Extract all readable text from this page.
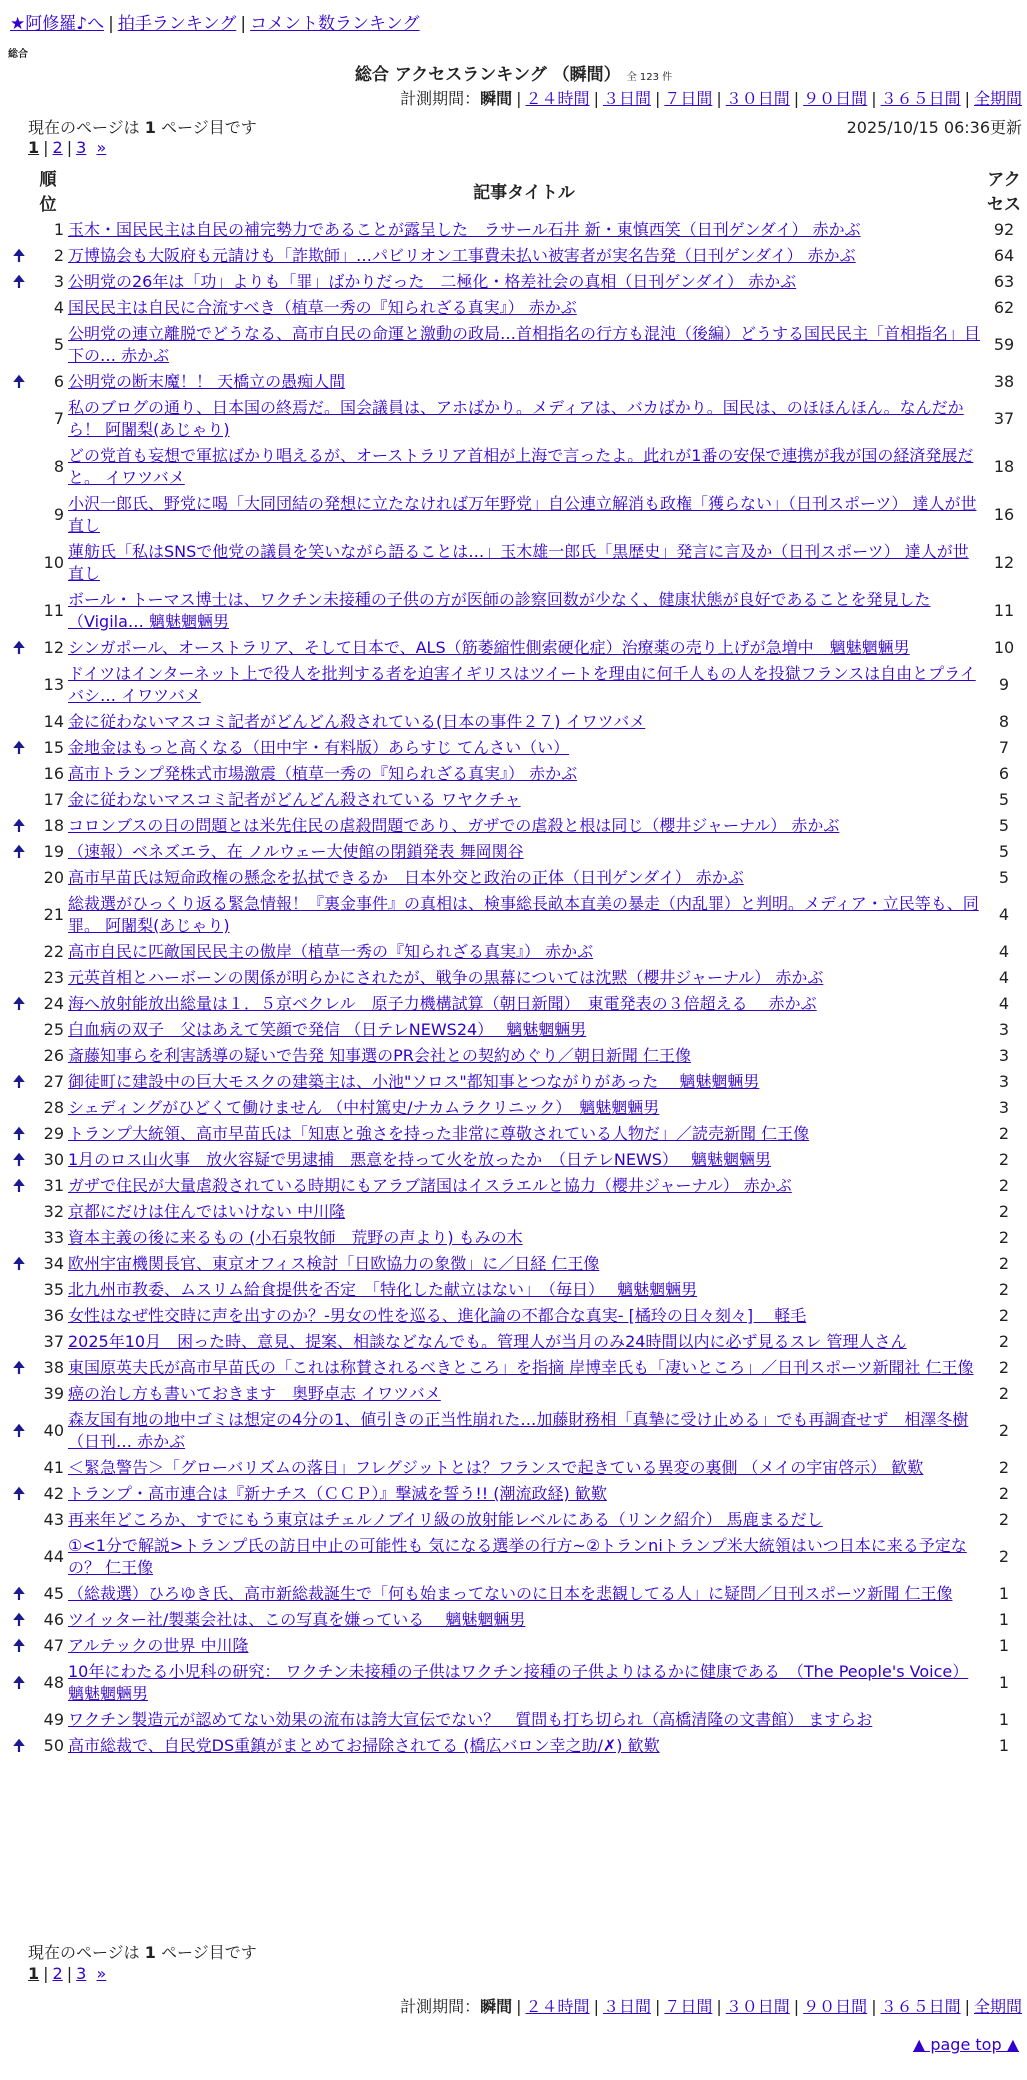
★阿修羅♪へ | 拍手ランキング | コメント数ランキング
総合
総合 アクセスランキング （瞬間） 全 123 件
計測期間：瞬間 | ２４時間 | ３日間 | ７日間 | ３０日間 | ９０日間 | ３６５日間 | 全期間
現在のページは 1 ページ目です	2025/10/15 06:36更新
1 | 2 | 3 »
	順位	記事タイトル	アクセス
	1	玉木・国民民主は自民の補完勢力であることが露呈した　ラサール石井 新・東慎西笑（日刊ゲンダイ） 赤かぶ	92
🠉	2	万博協会も大阪府も元請けも「詐欺師」…パビリオン工事費未払い被害者が実名告発（日刊ゲンダイ） 赤かぶ	64
🠉	3	公明党の26年は「功」よりも「罪」ばかりだった　二極化・格差社会の真相（日刊ゲンダイ） 赤かぶ	63
	4	国民民主は自民に合流すべき（植草一秀の『知られざる真実』） 赤かぶ	62
	5	公明党の連立離脱でどうなる、高市自民の命運と激動の政局…首相指名の行方も混沌（後編）どうする国民民主「首相指名」目下の… 赤かぶ	59
🠉	6	公明党の断末魔！！ 天橋立の愚痴人間	38
	7	私のブログの通り、日本国の終焉だ。国会議員は、アホばかり。メディアは、バカばかり。国民は、のほほんほん。なんだから！ 阿闍梨(あじゃり)	37
	8	どの党首も妄想で軍拡ばかり唱えるが、オーストラリア首相が上海で言ったよ。此れが1番の安保で連携が我が国の経済発展だと。 イワツバメ	18
	9	小沢一郎氏、野党に喝「大同団結の発想に立たなければ万年野党」自公連立解消も政権「獲らない」（日刊スポーツ） 達人が世直し	16
	10	蓮舫氏「私はSNSで他党の議員を笑いながら語ることは…」玉木雄一郎氏「黒歴史」発言に言及か（日刊スポーツ） 達人が世直し	12
	11	ボール・トーマス博士は、ワクチン未接種の子供の方が医師の診察回数が少なく、健康状態が良好であることを発見した（Vigila… 魑魅魍魎男	11
🠉	12	シンガポール、オーストラリア、そして日本で、ALS（筋萎縮性側索硬化症）治療薬の売り上げが急増中　魑魅魍魎男	10
	13	ドイツはインターネット上で役人を批判する者を迫害イギリスはツイートを理由に何千人もの人を投獄フランスは自由とプライバシ… イワツバメ	9
	14	金に従わないマスコミ記者がどんどん殺されている(日本の事件２７) イワツバメ	8
🠉	15	金地金はもっと高くなる（田中宇・有料版）あらすじ てんさい（い）	7
	16	高市トランプ発株式市場激震（植草一秀の『知られざる真実』） 赤かぶ	6
	17	金に従わないマスコミ記者がどんどん殺されている ワヤクチャ	5
🠉	18	コロンブスの日の問題とは米先住民の虐殺問題であり、ガザでの虐殺と根は同じ（櫻井ジャーナル） 赤かぶ	5
🠉	19	（速報）ベネズエラ、在 ノルウェー大使館の閉鎖発表 舞岡関谷	5
	20	高市早苗氏は短命政権の懸念を払拭できるか　日本外交と政治の正体（日刊ゲンダイ） 赤かぶ	5
	21	総裁選がひっくり返る緊急情報！『裏金事件』の真相は、検事総長畝本直美の暴走（内乱罪）と判明。メディア・立民等も、同罪。 阿闍梨(あじゃり)	4
	22	高市自民に匹敵国民民主の傲岸（植草一秀の『知られざる真実』） 赤かぶ	4
	23	元英首相とハーボーンの関係が明らかにされたが、戦争の黒幕については沈黙（櫻井ジャーナル） 赤かぶ	4
🠉	24	海へ放射能放出総量は１．５京ベクレル　原子力機構試算（朝日新聞）　東電発表の３倍超える　 赤かぶ	4
	25	白血病の双子　父はあえて笑顔で発信 （日テレNEWS24）　 魑魅魍魎男	3
	26	斎藤知事らを利害誘導の疑いで告発 知事選のPR会社との契約めぐり／朝日新聞 仁王像	3
🠉	27	御徒町に建設中の巨大モスクの建築主は、小池"ソロス"都知事とつながりがあった　 魑魅魍魎男	3
	28	シェディングがひどくて働けません （中村篤史/ナカムラクリニック）　魑魅魍魎男	3
🠉	29	トランプ大統領、高市早苗氏は「知恵と強さを持った非常に尊敬されている人物だ」／読売新聞 仁王像	2
🠉	30	1月のロス山火事　放火容疑で男逮捕　悪意を持って火を放ったか　（日テレNEWS）　 魑魅魍魎男	2
🠉	31	ガザで住民が大量虐殺されている時期にもアラブ諸国はイスラエルと協力（櫻井ジャーナル） 赤かぶ	2
	32	京都にだけは住んではいけない 中川隆	2
	33	資本主義の後に来るもの (小石泉牧師　荒野の声より) もみの木	2
🠉	34	欧州宇宙機関長官、東京オフィス検討「日欧協力の象徴」に／日経 仁王像	2
	35	北九州市教委、ムスリム給食提供を否定　「特化した献立はない」　（毎日）　 魑魅魍魎男	2
	36	女性はなぜ性交時に声を出すのか？-男女の性を巡る、進化論の不都合な真実- [橘玲の日々刻々]　 軽毛	2
	37	2025年10月　困った時、意見、提案、相談などなんでも。管理人が当月のみ24時間以内に必ず見るスレ 管理人さん	2
🠉	38	東国原英夫氏が高市早苗氏の「これは称賛されるべきところ」を指摘 岸博幸氏も「凄いところ」／日刊スポーツ新聞社 仁王像	2
	39	癌の治し方も書いておきます　奥野卓志 イワツバメ	2
🠉	40	森友国有地の地中ゴミは想定の4分の1、値引きの正当性崩れた…加藤財務相「真摯に受け止める」でも再調査せず　相澤冬樹（日刊… 赤かぶ	2
	41	＜緊急警告＞「グローバリズムの落日」フレグジットとは？フランスで起きている異変の裏側 （メイの宇宙啓示） 歓歎	2
🠉	42	トランプ・高市連合は『新ナチス（ＣＣＰ）』撃滅を誓う!! (潮流政経) 歓歎	2
	43	再来年どころか、すでにもう東京はチェルノブイリ級の放射能レベルにある（リンク紹介） 馬鹿まるだし	2
	44	①<1分で解説>トランプ氏の訪日中止の可能性も 気になる選挙の行方~②トランniトランプ米大統領はいつ日本に来る予定なの？ 仁王像	2
🠉	45	（総裁選）ひろゆき氏、高市新総裁誕生で「何も始まってないのに日本を悲観してる人」に疑問／日刊スポーツ新聞 仁王像	1
🠉	46	ツイッター社/製薬会社は、この写真を嫌っている　 魑魅魍魎男	1
🠉	47	アルテックの世界 中川隆	1
🠉	48	10年にわたる小児科の研究： ワクチン未接種の子供はワクチン接種の子供よりはるかに健康である　（The People's Voice） 魑魅魍魎男	1
	49	ワクチン製造元が認めてない効果の流布は誇大宣伝でない？　質問も打ち切られ（高橋清隆の文書館） ますらお	1
🠉	50	高市総裁で、自民党DS重鎮がまとめてお掃除されてる (橋広バロン幸之助/✗) 歓歎	1
現在のページは 1 ページ目です
1 | 2 | 3 »
計測期間：瞬間 | ２４時間 | ３日間 | ７日間 | ３０日間 | ９０日間 | ３６５日間 | 全期間
▲ page top ▲
